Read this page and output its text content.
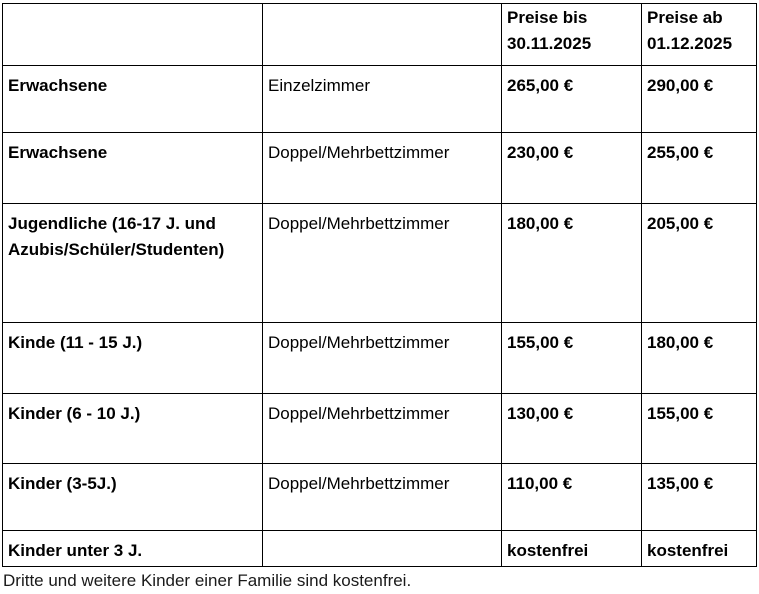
		Preise bis 30.11.2025	Preise ab 01.12.2025
Erwachsene	Einzelzimmer	265,00 €	290,00 €
Erwachsene	Doppel/Mehrbettzimmer	230,00 €	255,00 €
Jugendliche (16-17 J. und Azubis/Schüler/Studenten)	Doppel/Mehrbettzimmer	180,00 €	205,00 €
Kinde (11 - 15 J.)	Doppel/Mehrbettzimmer	155,00 €	180,00 €
Kinder (6 - 10 J.)	Doppel/Mehrbettzimmer	130,00 €	155,00 €
Kinder (3-5J.)	Doppel/Mehrbettzimmer	110,00 €	135,00 €
Kinder unter 3 J.		kostenfrei	kostenfrei

Dritte und weitere Kinder einer Familie sind kostenfrei.
